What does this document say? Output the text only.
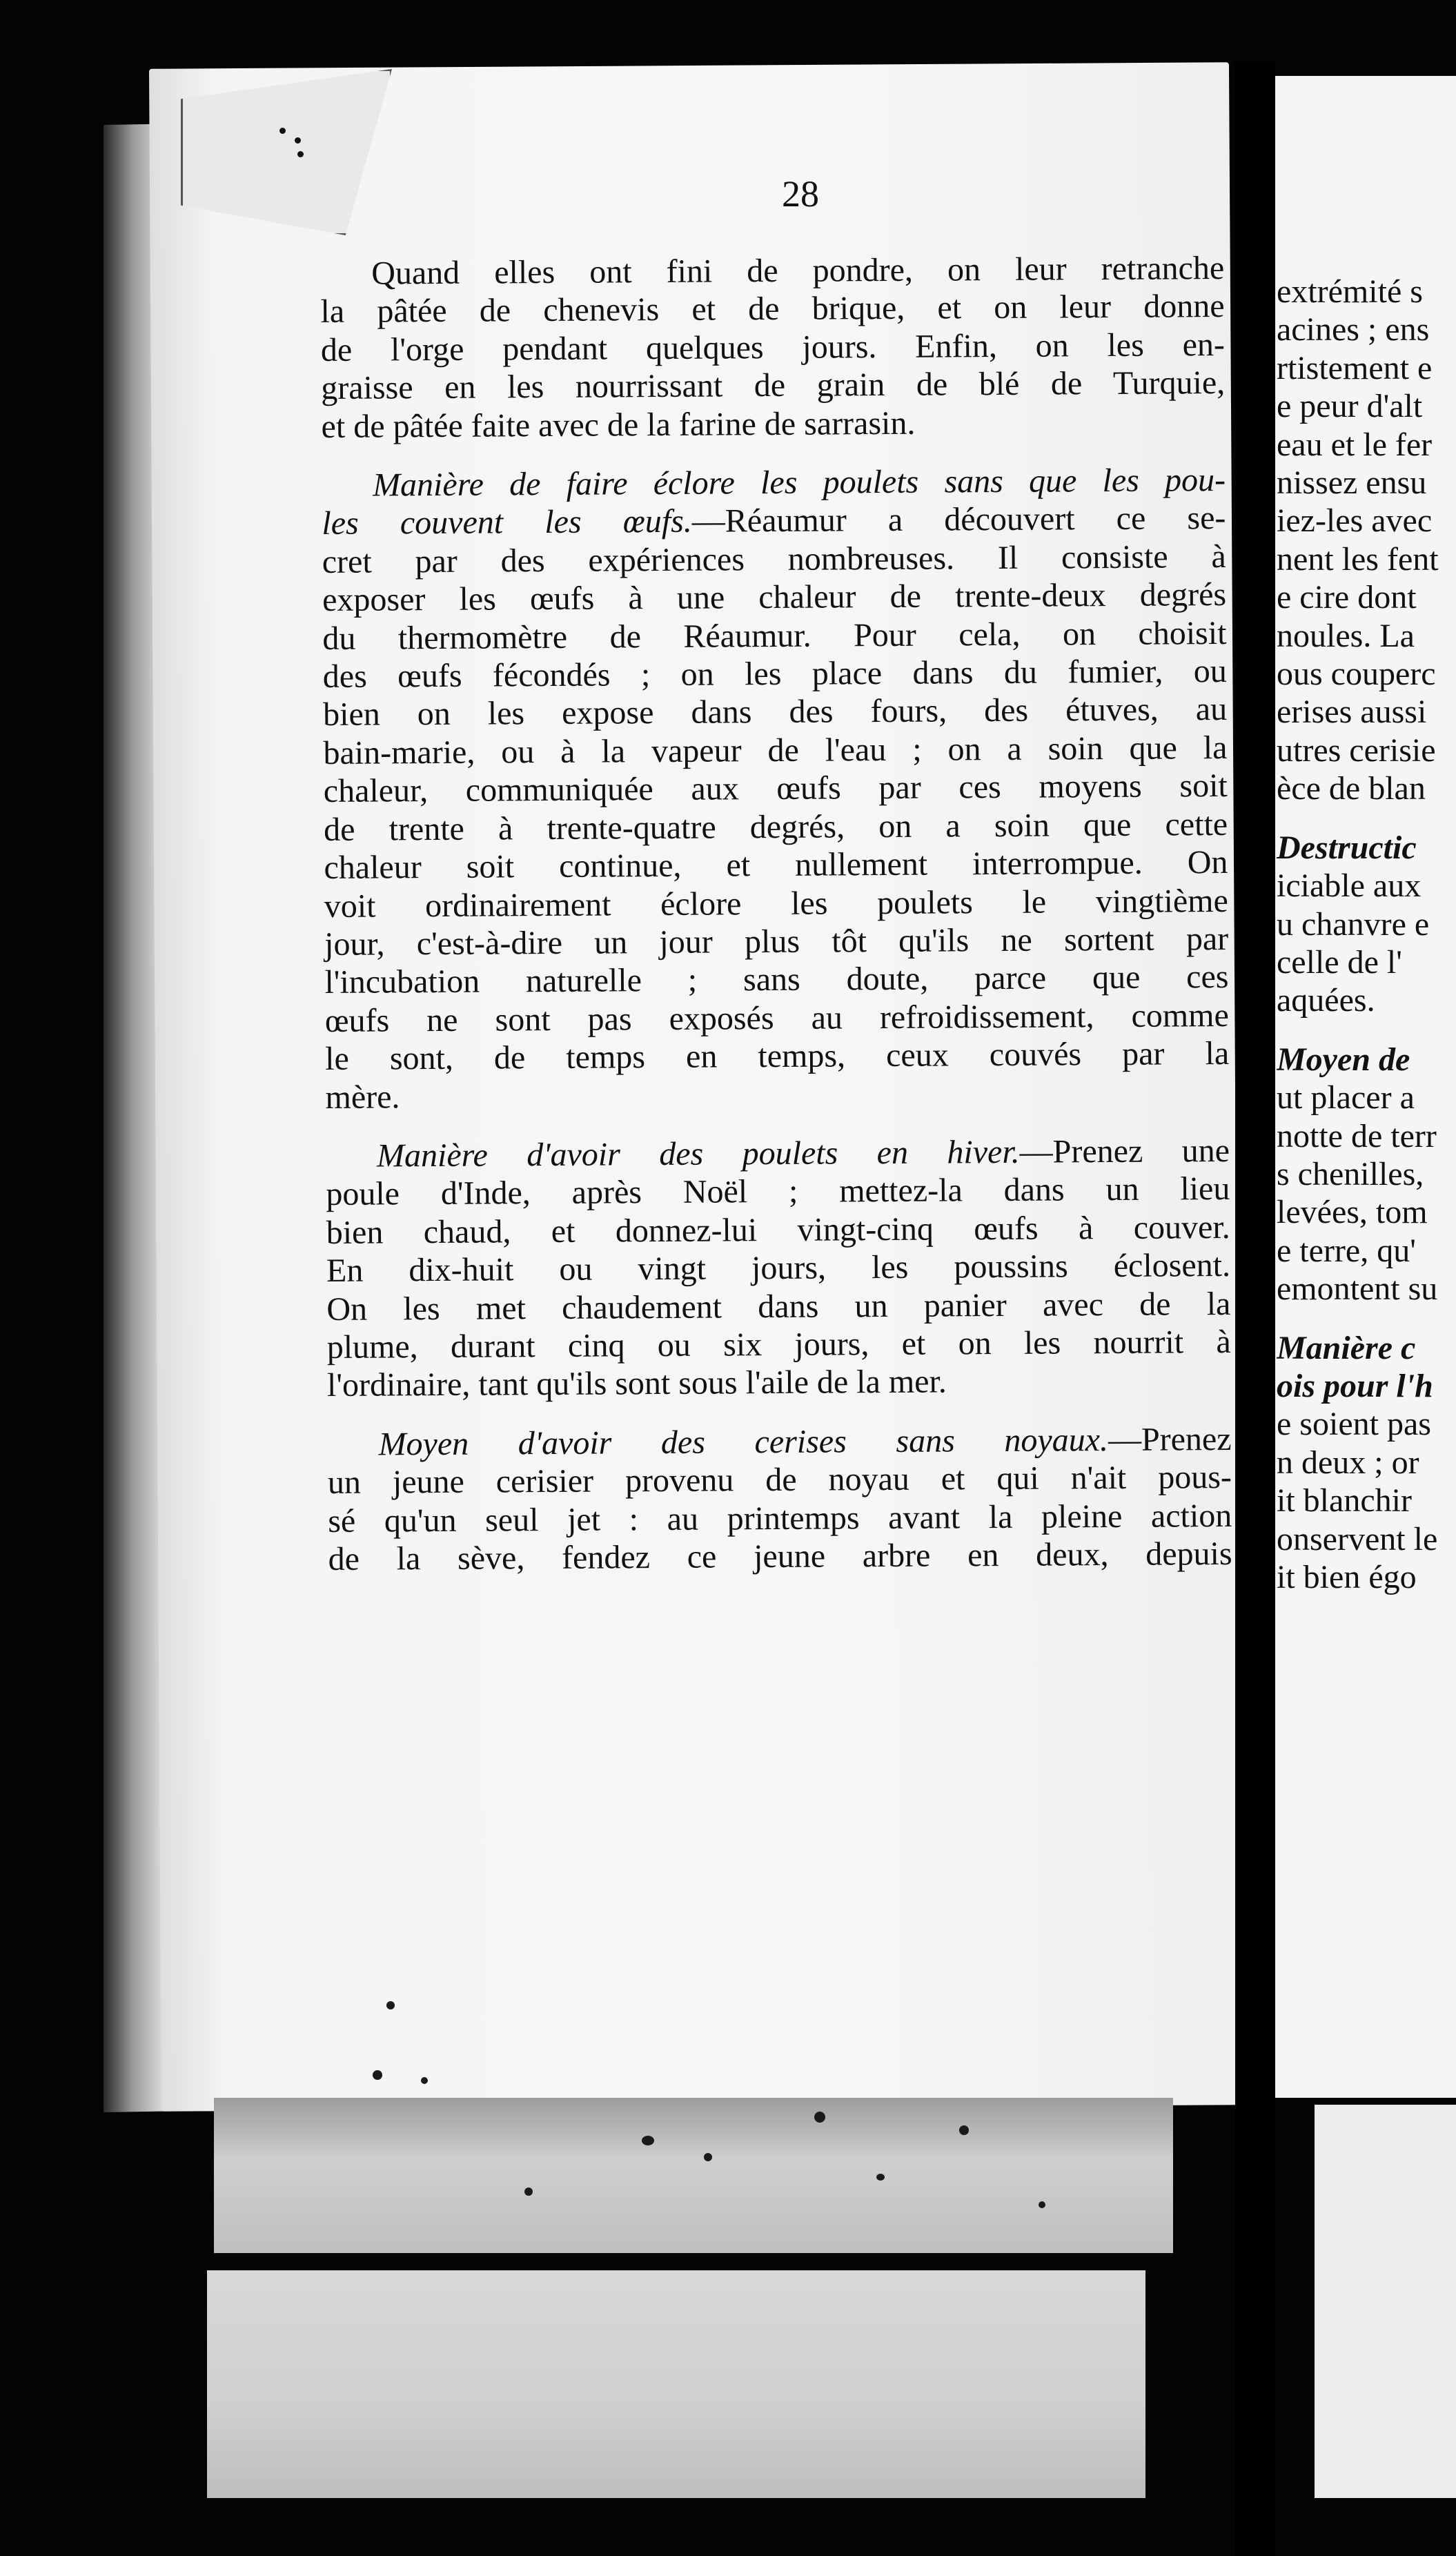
28

Quand elles ont fini de pondre, on leur retranche
la pâtée de chenevis et de brique, et on leur donne
de l'orge pendant quelques jours. Enfin, on les en-
graisse en les nourrissant de grain de blé de Turquie,
et de pâtée faite avec de la farine de sarrasin.

Manière de faire éclore les poulets sans que les pou-
les couvent les œufs.—Réaumur a découvert ce se-
cret par des expériences nombreuses. Il consiste à
exposer les œufs à une chaleur de trente-deux degrés
du thermomètre de Réaumur. Pour cela, on choisit
des œufs fécondés ; on les place dans du fumier, ou
bien on les expose dans des fours, des étuves, au
bain-marie, ou à la vapeur de l'eau ; on a soin que la
chaleur, communiquée aux œufs par ces moyens soit
de trente à trente-quatre degrés, on a soin que cette
chaleur soit continue, et nullement interrompue. On
voit ordinairement éclore les poulets le vingtième
jour, c'est-à-dire un jour plus tôt qu'ils ne sortent par
l'incubation naturelle ; sans doute, parce que ces
œufs ne sont pas exposés au refroidissement, comme
le sont, de temps en temps, ceux couvés par la
mère.

Manière d'avoir des poulets en hiver.—Prenez une
poule d'Inde, après Noël ; mettez-la dans un lieu
bien chaud, et donnez-lui vingt-cinq œufs à couver.
En dix-huit ou vingt jours, les poussins éclosent.
On les met chaudement dans un panier avec de la
plume, durant cinq ou six jours, et on les nourrit à
l'ordinaire, tant qu'ils sont sous l'aile de la mer.

Moyen d'avoir des cerises sans noyaux.—Prenez
un jeune cerisier provenu de noyau et qui n'ait pous-
sé qu'un seul jet : au printemps avant la pleine action
de la sève, fendez ce jeune arbre en deux, depuis

extrémité s
acines ; ens
rtistement e
e peur d'alt
eau et le fer
nissez ensu
iez-les avec
nent les fent
e cire dont
noules. La
ous couperc
erises aussi
utres cerisie
èce de blan
Destructic
iciable aux
u chanvre e
celle de l'
aquées.
Moyen de
ut placer a
notte de terr
s chenilles,
levées, tom
e terre, qu'
emontent su
Manière c
ois pour l'h
e soient pas
n deux ; or
it blanchir
onservent le
it bien égo
